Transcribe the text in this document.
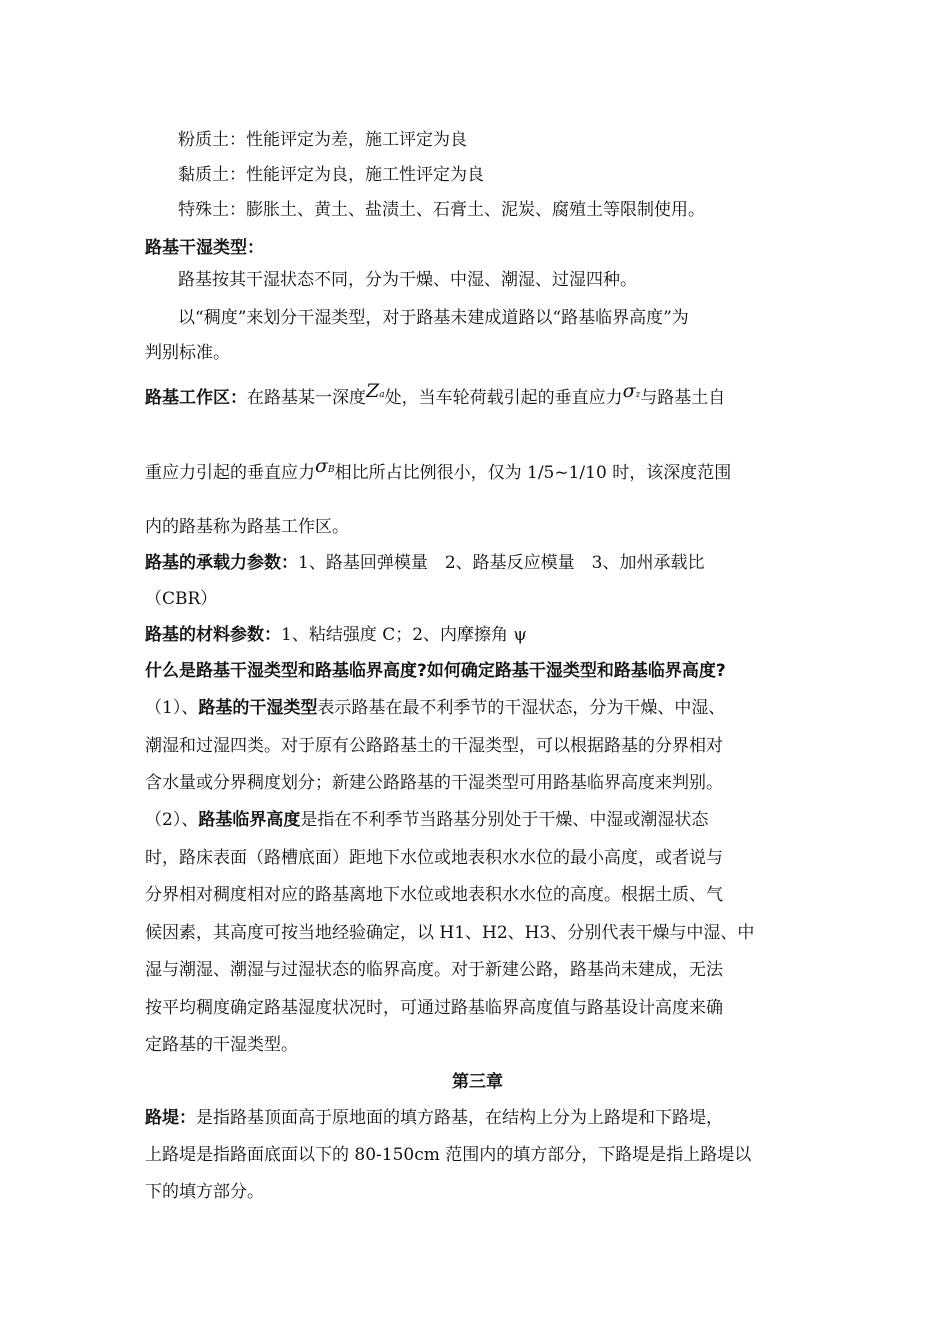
粉质土：性能评定为差，施工评定为良
黏质土：性能评定为良，施工性评定为良
特殊土：膨胀土、黄土、盐渍土、石膏土、泥炭、腐殖土等限制使用。
路基干湿类型：
路基按其干湿状态不同，分为干燥、中湿、潮湿、过湿四种。
以“稠度”来划分干湿类型，对于路基未建成道路以“路基临界高度”为
判别标准。
路基工作区：在路基某一深度Za处，当车轮荷载引起的垂直应力σz与路基土自
重应力引起的垂直应力σB相比所占比例很小，仅为 1/5~1/10 时，该深度范围
内的路基称为路基工作区。
路基的承载力参数：1、路基回弹模量　2、路基反应模量　3、加州承载比
（CBR）
路基的材料参数：1、粘结强度 C；2、内摩擦角 ψ
什么是路基干湿类型和路基临界高度?如何确定路基干湿类型和路基临界高度?
（1）、路基的干湿类型表示路基在最不利季节的干湿状态，分为干燥、中湿、
潮湿和过湿四类。对于原有公路路基土的干湿类型，可以根据路基的分界相对
含水量或分界稠度划分；新建公路路基的干湿类型可用路基临界高度来判别。
（2）、路基临界高度是指在不利季节当路基分别处于干燥、中湿或潮湿状态
时，路床表面（路槽底面）距地下水位或地表积水水位的最小高度，或者说与
分界相对稠度相对应的路基离地下水位或地表积水水位的高度。根据土质、气
候因素，其高度可按当地经验确定，以 H1、H2、H3、分别代表干燥与中湿、中
湿与潮湿、潮湿与过湿状态的临界高度。对于新建公路，路基尚未建成，无法
按平均稠度确定路基湿度状况时，可通过路基临界高度值与路基设计高度来确
定路基的干湿类型。
第三章
路堤：是指路基顶面高于原地面的填方路基，在结构上分为上路堤和下路堤，
上路堤是指路面底面以下的 80-150cm 范围内的填方部分，下路堤是指上路堤以
下的填方部分。
